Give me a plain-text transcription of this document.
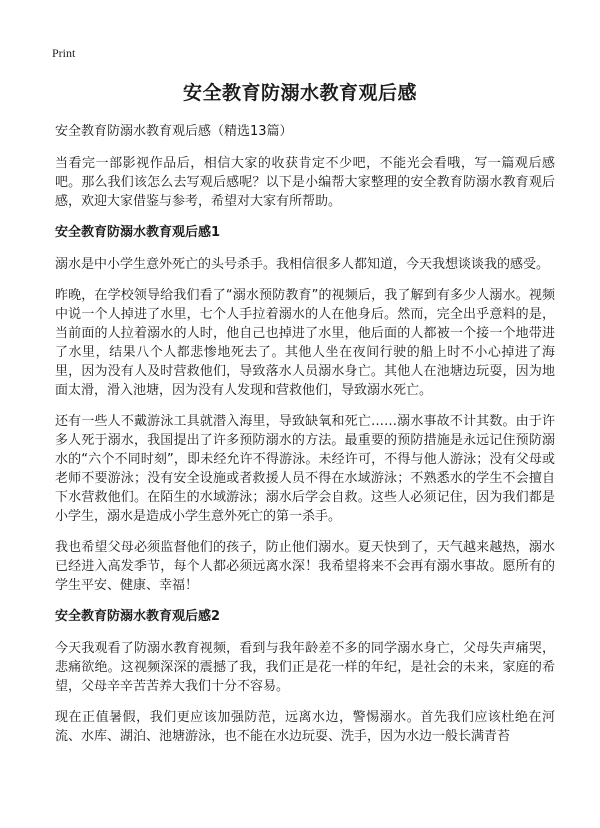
Print
安全教育防溺水教育观后感
安全教育防溺水教育观后感（精选13篇）

当看完一部影视作品后，相信大家的收获肯定不少吧，不能光会看哦，写一篇观后感吧。那么我们该怎么去写观后感呢？以下是小编帮大家整理的安全教育防溺水教育观后感，欢迎大家借鉴与参考，希望对大家有所帮助。

安全教育防溺水教育观后感1

溺水是中小学生意外死亡的头号杀手。我相信很多人都知道，今天我想谈谈我的感受。

昨晚，在学校领导给我们看了“溺水预防教育”的视频后，我了解到有多少人溺水。视频中说一个人掉进了水里，七个人手拉着溺水的人在他身后。然而，完全出乎意料的是，当前面的人拉着溺水的人时，他自己也掉进了水里，他后面的人都被一个接一个地带进了水里，结果八个人都悲惨地死去了。其他人坐在夜间行驶的船上时不小心掉进了海里，因为没有人及时营救他们，导致落水人员溺水身亡。其他人在池塘边玩耍，因为地面太滑，滑入池塘，因为没有人发现和营救他们，导致溺水死亡。

还有一些人不戴游泳工具就潜入海里，导致缺氧和死亡……溺水事故不计其数。由于许多人死于溺水，我国提出了许多预防溺水的方法。最重要的预防措施是永远记住预防溺水的“六个不同时刻”，即未经允许不得游泳。未经许可，不得与他人游泳；没有父母或老师不要游泳；没有安全设施或者救援人员不得在水域游泳；不熟悉水的学生不会擅自下水营救他们。在陌生的水域游泳；溺水后学会自救。这些人必须记住，因为我们都是小学生，溺水是造成小学生意外死亡的第一杀手。

我也希望父母必须监督他们的孩子，防止他们溺水。夏天快到了，天气越来越热，溺水已经进入高发季节，每个人都必须远离水深！我希望将来不会再有溺水事故。愿所有的学生平安、健康、幸福！

安全教育防溺水教育观后感2

今天我观看了防溺水教育视频，看到与我年龄差不多的同学溺水身亡，父母失声痛哭，悲痛欲绝。这视频深深的震撼了我，我们正是花一样的年纪，是社会的未来，家庭的希望，父母辛辛苦苦养大我们十分不容易。

现在正值暑假，我们更应该加强防范，远离水边，警惕溺水。首先我们应该杜绝在河流、水库、湖泊、池塘游泳，也不能在水边玩耍、洗手，因为水边一般长满青苔
